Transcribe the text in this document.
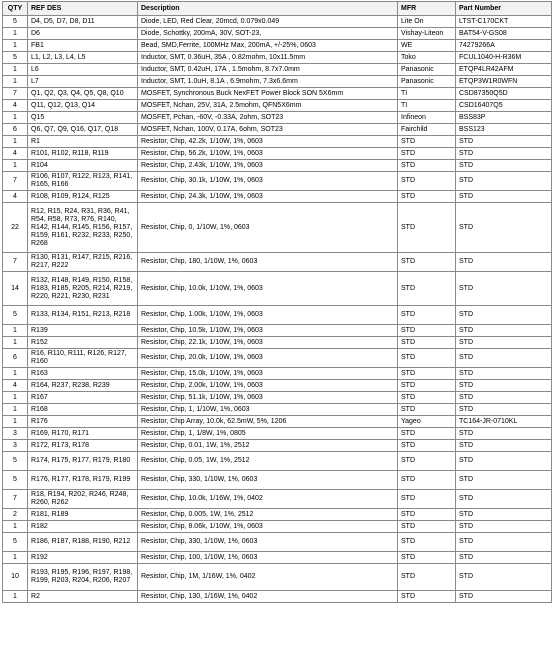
QTY	REF DES	Description	MFR	Part Number
5	D4, D5, D7, D8, D11	Diode, LED, Red Clear, 20mcd, 0.079x0.049	Lite On	LTST-C170CKT
1	D6	Diode, Schottky, 200mA, 30V, SOT-23,	Vishay-Liteon	BAT54-V-GS08
1	FB1	Bead, SMD,Ferrite, 100MHz Max, 200mA, +/-25%, 0603	WE	74279266A
5	L1, L2, L3, L4, L5	Inductor, SMT, 0.36uH, 35A , 0.82mohm, 10x11.5mm	Toko	FCUL1040-H-R36M
1	L6	Inductor, SMT, 0.42uH, 17A , 1.5mohm, 8.7x7.0mm	Panasonic	ETQP4LR42AFM
1	L7	Inductor, SMT, 1.0uH, 8.1A , 6.9mohm, 7.3x6.6mm	Panasonic	ETQP3W1R0WFN
7	Q1, Q2, Q3, Q4, Q5, Q8, Q10	MOSFET, Synchronous Buck NexFET Power Block SON 5X6mm	TI	CSD87350Q5D
4	Q11, Q12, Q13, Q14	MOSFET, Nchan, 25V, 31A, 2.5mohm, QFN5X6mm	TI	CSD16407Q5
1	Q15	MOSFET, Pchan, -60V, -0.33A, 2ohm, SOT23	Infineon	BSS83P
6	Q6, Q7, Q9, Q16, Q17, Q18	MOSFET, Nchan, 100V, 0.17A, 6ohm, SOT23	Fairchild	BSS123
1	R1	Resistor, Chip, 42.2k, 1/10W, 1%, 0603	STD	STD
4	R101, R102, R118, R119	Resistor, Chip, 56.2k, 1/10W, 1%, 0603	STD	STD
1	R104	Resistor, Chip, 2.43k, 1/10W, 1%, 0603	STD	STD
7	R106, R107, R122, R123, R141, R165, R166	Resistor, Chip, 30.1k, 1/10W, 1%, 0603	STD	STD
4	R108, R109, R124, R125	Resistor, Chip, 24.3k, 1/10W, 1%, 0603	STD	STD
22	R12, R15, R24, R31, R36, R41, R54, R58, R73, R76, R140, R142, R144, R145, R156, R157, R159, R161, R232, R233, R250, R268	Resistor, Chip, 0, 1/10W, 1%, 0603	STD	STD
7	R130, R131, R147, R215, R216, R217, R222	Resistor, Chip, 180, 1/10W, 1%, 0603	STD	STD
14	R132, R148, R149, R150, R158, R183, R185, R205, R214, R219, R220, R221, R230, R231	Resistor, Chip, 10.0k, 1/10W, 1%, 0603	STD	STD
5	R133, R134, R151, R213, R218	Resistor, Chip, 1.00k, 1/10W, 1%, 0603	STD	STD
1	R139	Resistor, Chip, 10.5k, 1/10W, 1%, 0603	STD	STD
1	R152	Resistor, Chip, 22.1k, 1/10W, 1%, 0603	STD	STD
6	R16, R110, R111, R126, R127, R160	Resistor, Chip, 20.0k, 1/10W, 1%, 0603	STD	STD
1	R163	Resistor, Chip, 15.0k, 1/10W, 1%, 0603	STD	STD
4	R164, R237, R238, R239	Resistor, Chip, 2.00k, 1/10W, 1%, 0603	STD	STD
1	R167	Resistor, Chip, 51.1k, 1/10W, 1%, 0603	STD	STD
1	R168	Resistor, Chip, 1, 1/10W, 1%, 0603	STD	STD
1	R176	Resistor, Chip Array, 10.0k, 62.5mW, 5%, 1206	Yageo	TC164-JR-0710KL
3	R169, R170, R171	Resistor, Chip, 1, 1/8W, 1%, 0805	STD	STD
3	R172, R173, R178	Resistor, Chip, 0.01, 1W, 1%, 2512	STD	STD
5	R174, R175, R177, R179, R180	Resistor, Chip, 0.05, 1W, 1%, 2512	STD	STD
5	R176, R177, R178, R179, R199	Resistor, Chip, 330, 1/10W, 1%, 0603	STD	STD
7	R18, R194, R202, R246, R248, R260, R262	Resistor, Chip, 10.0k, 1/16W, 1%, 0402	STD	STD
2	R181, R189	Resistor, Chip, 0.005, 1W, 1%, 2512	STD	STD
1	R182	Resistor, Chip, 8.06k, 1/10W, 1%, 0603	STD	STD
5	R186, R187, R188, R190, R212	Resistor, Chip, 330, 1/10W, 1%, 0603	STD	STD
1	R192	Resistor, Chip, 100, 1/10W, 1%, 0603	STD	STD
10	R193, R195, R196, R197, R198, R199, R203, R204, R206, R207	Resistor, Chip, 1M, 1/16W, 1%, 0402	STD	STD
1	R2	Resistor, Chip, 130, 1/16W, 1%, 0402	STD	STD
